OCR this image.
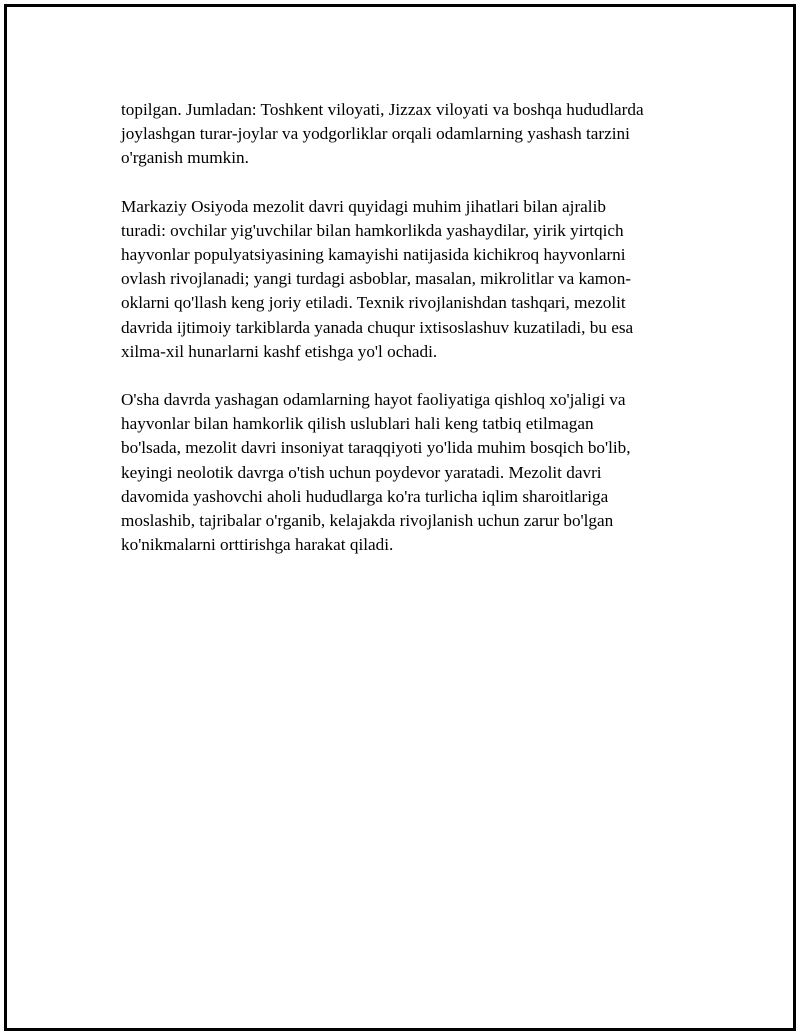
topilgan. Jumladan: Toshkent viloyati, Jizzax viloyati va boshqa hududlarda
joylashgan turar-joylar va yodgorliklar orqali odamlarning yashash tarzini
o'rganish mumkin.

Markaziy Osiyoda mezolit davri quyidagi muhim jihatlari bilan ajralib
turadi: ovchilar yig'uvchilar bilan hamkorlikda yashaydilar, yirik yirtqich
hayvonlar populyatsiyasining kamayishi natijasida kichikroq hayvonlarni
ovlash rivojlanadi; yangi turdagi asboblar, masalan, mikrolitlar va kamon-
oklarni qo'llash keng joriy etiladi. Texnik rivojlanishdan tashqari, mezolit
davrida ijtimoiy tarkiblarda yanada chuqur ixtisoslashuv kuzatiladi, bu esa
xilma-xil hunarlarni kashf etishga yo'l ochadi.

O'sha davrda yashagan odamlarning hayot faoliyatiga qishloq xo'jaligi va
hayvonlar bilan hamkorlik qilish uslublari hali keng tatbiq etilmagan
bo'lsada, mezolit davri insoniyat taraqqiyoti yo'lida muhim bosqich bo'lib,
keyingi neolotik davrga o'tish uchun poydevor yaratadi. Mezolit davri
davomida yashovchi aholi hududlarga ko'ra turlicha iqlim sharoitlariga
moslashib, tajribalar o'rganib, kelajakda rivojlanish uchun zarur bo'lgan
ko'nikmalarni orttirishga harakat qiladi.
